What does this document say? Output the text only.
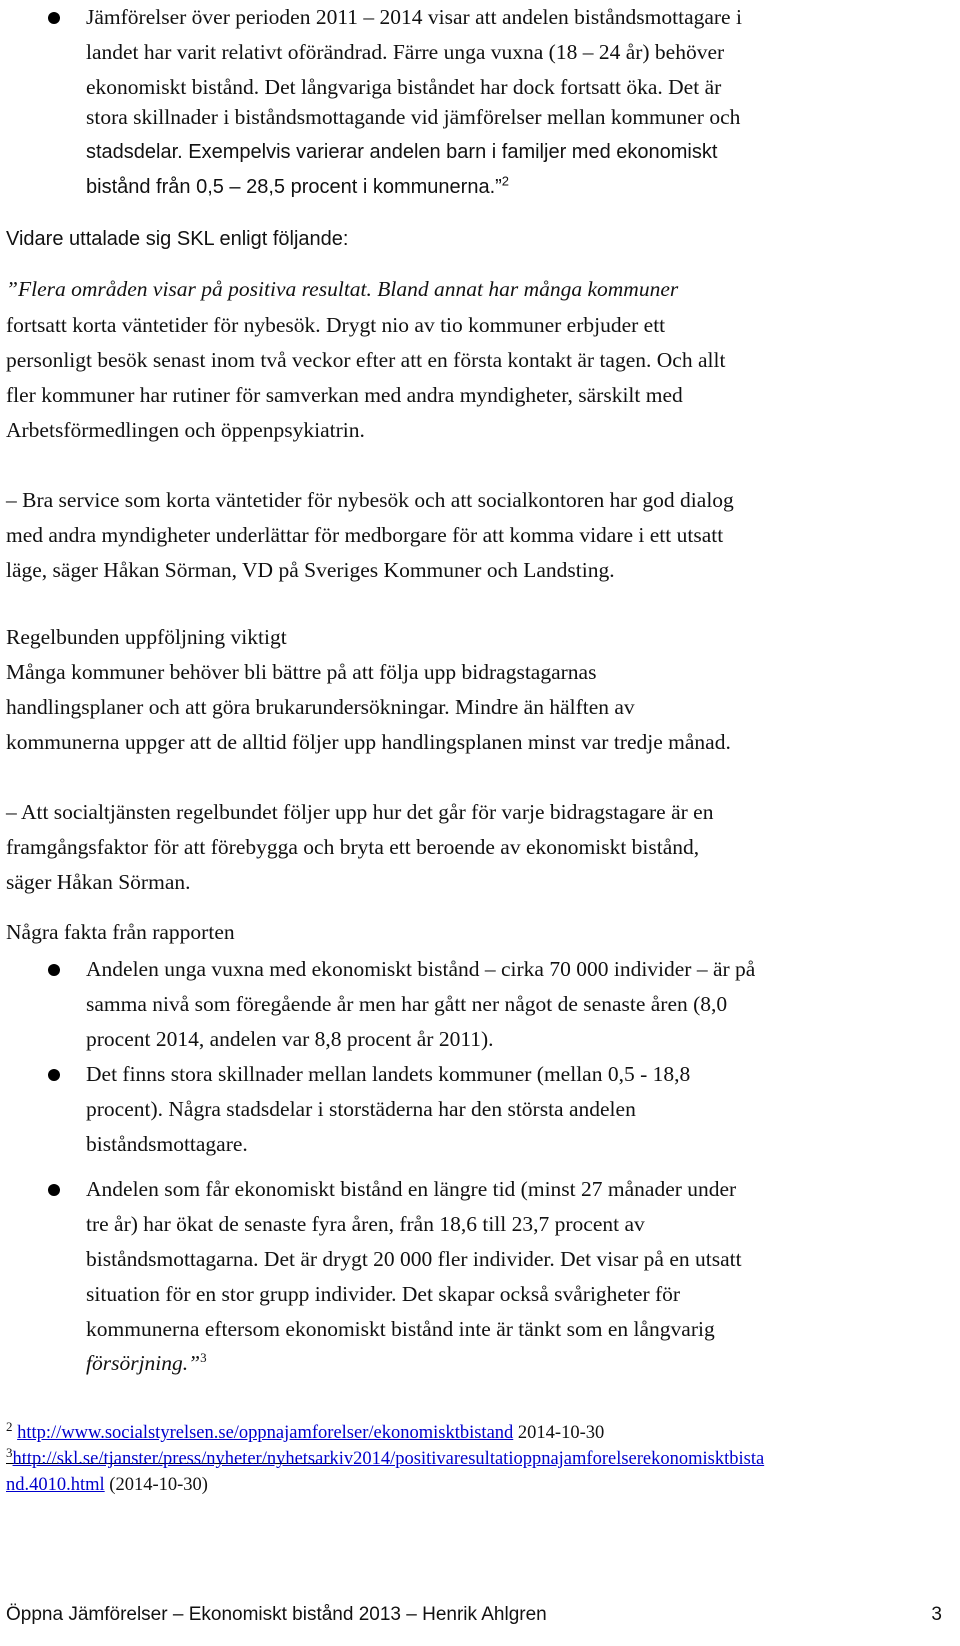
Jämförelser över perioden 2011 – 2014 visar att andelen biståndsmottagare i
landet har varit relativt oförändrad. Färre unga vuxna (18 – 24 år) behöver
ekonomiskt bistånd. Det långvariga biståndet har dock fortsatt öka. Det är
stora skillnader i biståndsmottagande vid jämförelser mellan kommuner och
stadsdelar. Exempelvis varierar andelen barn i familjer med ekonomiskt
bistånd från 0,5 – 28,5 procent i kommunerna.”$^2$
Vidare uttalade sig SKL enligt följande:
”Flera områden visar på positiva resultat. Bland annat har många kommuner
fortsatt korta väntetider för nybesök. Drygt nio av tio kommuner erbjuder ett
personligt besök senast inom två veckor efter att en första kontakt är tagen. Och allt
fler kommuner har rutiner för samverkan med andra myndigheter, särskilt med
Arbetsförmedlingen och öppenpsykiatrin.
– Bra service som korta väntetider för nybesök och att socialkontoren har god dialog
med andra myndigheter underlättar för medborgare för att komma vidare i ett utsatt
läge, säger Håkan Sörman, VD på Sveriges Kommuner och Landsting.
Regelbunden uppföljning viktigt
Många kommuner behöver bli bättre på att följa upp bidragstagarnas
handlingsplaner och att göra brukarundersökningar. Mindre än hälften av
kommunerna uppger att de alltid följer upp handlingsplanen minst var tredje månad.
– Att socialtjänsten regelbundet följer upp hur det går för varje bidragstagare är en
framgångsfaktor för att förebygga och bryta ett beroende av ekonomiskt bistånd,
säger Håkan Sörman.
Några fakta från rapporten
Andelen unga vuxna med ekonomiskt bistånd – cirka 70 000 individer – är på
samma nivå som föregående år men har gått ner något de senaste åren (8,0
procent 2014, andelen var 8,8 procent år 2011).
Det finns stora skillnader mellan landets kommuner (mellan 0,5 - 18,8
procent). Några stadsdelar i storstäderna har den största andelen
biståndsmottagare.
Andelen som får ekonomiskt bistånd en längre tid (minst 27 månader under
tre år) har ökat de senaste fyra åren, från 18,6 till 23,7 procent av
biståndsmottagarna. Det är drygt 20 000 fler individer. Det visar på en utsatt
situation för en stor grupp individer. Det skapar också svårigheter för
kommunerna eftersom ekonomiskt bistånd inte är tänkt som en långvarig
försörjning.”$^3$
$^2$ http://www.socialstyrelsen.se/oppnajamforelser/ekonomisktbistand 2014-10-30
$^3$http://skl.se/tjanster/press/nyheter/nyhetsarkiv2014/positivaresultatioppnajamforelserekonomisktbista
nd.4010.html (2014-10-30)
Öppna Jämförelser – Ekonomiskt bistånd 2013 – Henrik Ahlgren	3
